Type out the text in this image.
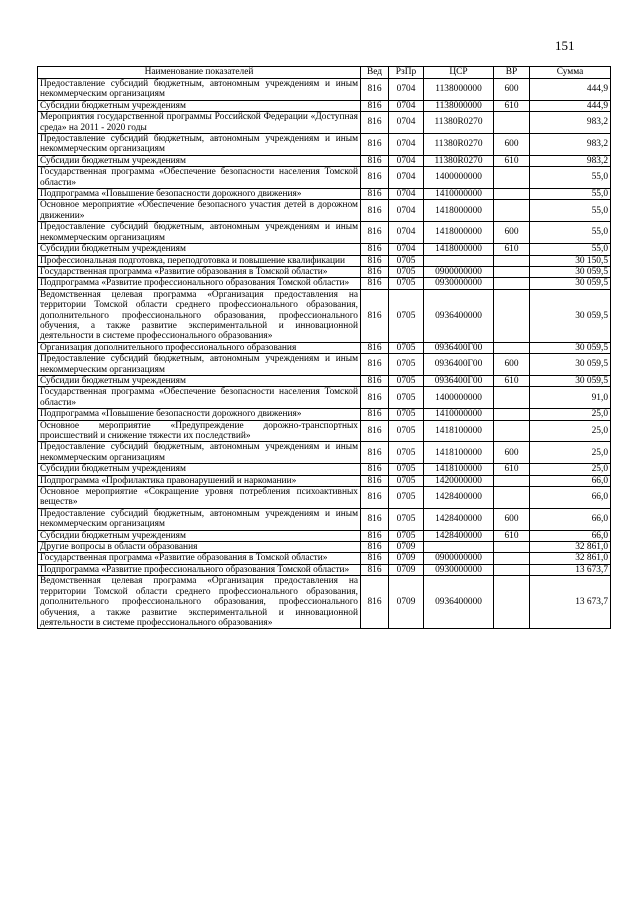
151
Наименование показателей	Вед	РзПр	ЦСР	ВР	Сумма
Предоставление субсидий бюджетным, автономным учреждениям и иным некоммерческим организациям	816	0704	1138000000	600	444,9
Субсидии бюджетным учреждениям	816	0704	1138000000	610	444,9
Мероприятия государственной программы Российской Федерации «Доступная среда» на 2011 - 2020 годы	816	0704	11380R0270		983,2
Предоставление субсидий бюджетным, автономным учреждениям и иным некоммерческим организациям	816	0704	11380R0270	600	983,2
Субсидии бюджетным учреждениям	816	0704	11380R0270	610	983,2
Государственная программа «Обеспечение безопасности населения Томской области»	816	0704	1400000000		55,0
Подпрограмма «Повышение безопасности дорожного движения»	816	0704	1410000000		55,0
Основное мероприятие «Обеспечение безопасного участия детей в дорожном движении»	816	0704	1418000000		55,0
Предоставление субсидий бюджетным, автономным учреждениям и иным некоммерческим организациям	816	0704	1418000000	600	55,0
Субсидии бюджетным учреждениям	816	0704	1418000000	610	55,0
Профессиональная подготовка, переподготовка и повышение квалификации	816	0705			30 150,5
Государственная программа «Развитие образования в Томской области»	816	0705	0900000000		30 059,5
Подпрограмма «Развитие профессионального образования Томской области»	816	0705	0930000000		30 059,5
Ведомственная целевая программа «Организация предоставления на территории Томской области среднего профессионального образования, дополнительного профессионального образования, профессионального обучения, а также развитие экспериментальной и инновационной деятельности в системе профессионального образования»	816	0705	0936400000		30 059,5
Организация дополнительного профессионального образования	816	0705	0936400Г00		30 059,5
Предоставление субсидий бюджетным, автономным учреждениям и иным некоммерческим организациям	816	0705	0936400Г00	600	30 059,5
Субсидии бюджетным учреждениям	816	0705	0936400Г00	610	30 059,5
Государственная программа «Обеспечение безопасности населения Томской области»	816	0705	1400000000		91,0
Подпрограмма «Повышение безопасности дорожного движения»	816	0705	1410000000		25,0
Основное мероприятие «Предупреждение дорожно-транспортных происшествий и снижение тяжести их последствий»	816	0705	1418100000		25,0
Предоставление субсидий бюджетным, автономным учреждениям и иным некоммерческим организациям	816	0705	1418100000	600	25,0
Субсидии бюджетным учреждениям	816	0705	1418100000	610	25,0
Подпрограмма «Профилактика правонарушений и наркомании»	816	0705	1420000000		66,0
Основное мероприятие «Сокращение уровня потребления психоактивных веществ»	816	0705	1428400000		66,0
Предоставление субсидий бюджетным, автономным учреждениям и иным некоммерческим организациям	816	0705	1428400000	600	66,0
Субсидии бюджетным учреждениям	816	0705	1428400000	610	66,0
Другие вопросы в области образования	816	0709			32 861,0
Государственная программа «Развитие образования в Томской области»	816	0709	0900000000		32 861,0
Подпрограмма «Развитие профессионального образования Томской области»	816	0709	0930000000		13 673,7
Ведомственная целевая программа «Организация предоставления на территории Томской области среднего профессионального образования, дополнительного профессионального образования, профессионального обучения, а также развитие экспериментальной и инновационной деятельности в системе профессионального образования»	816	0709	0936400000		13 673,7
